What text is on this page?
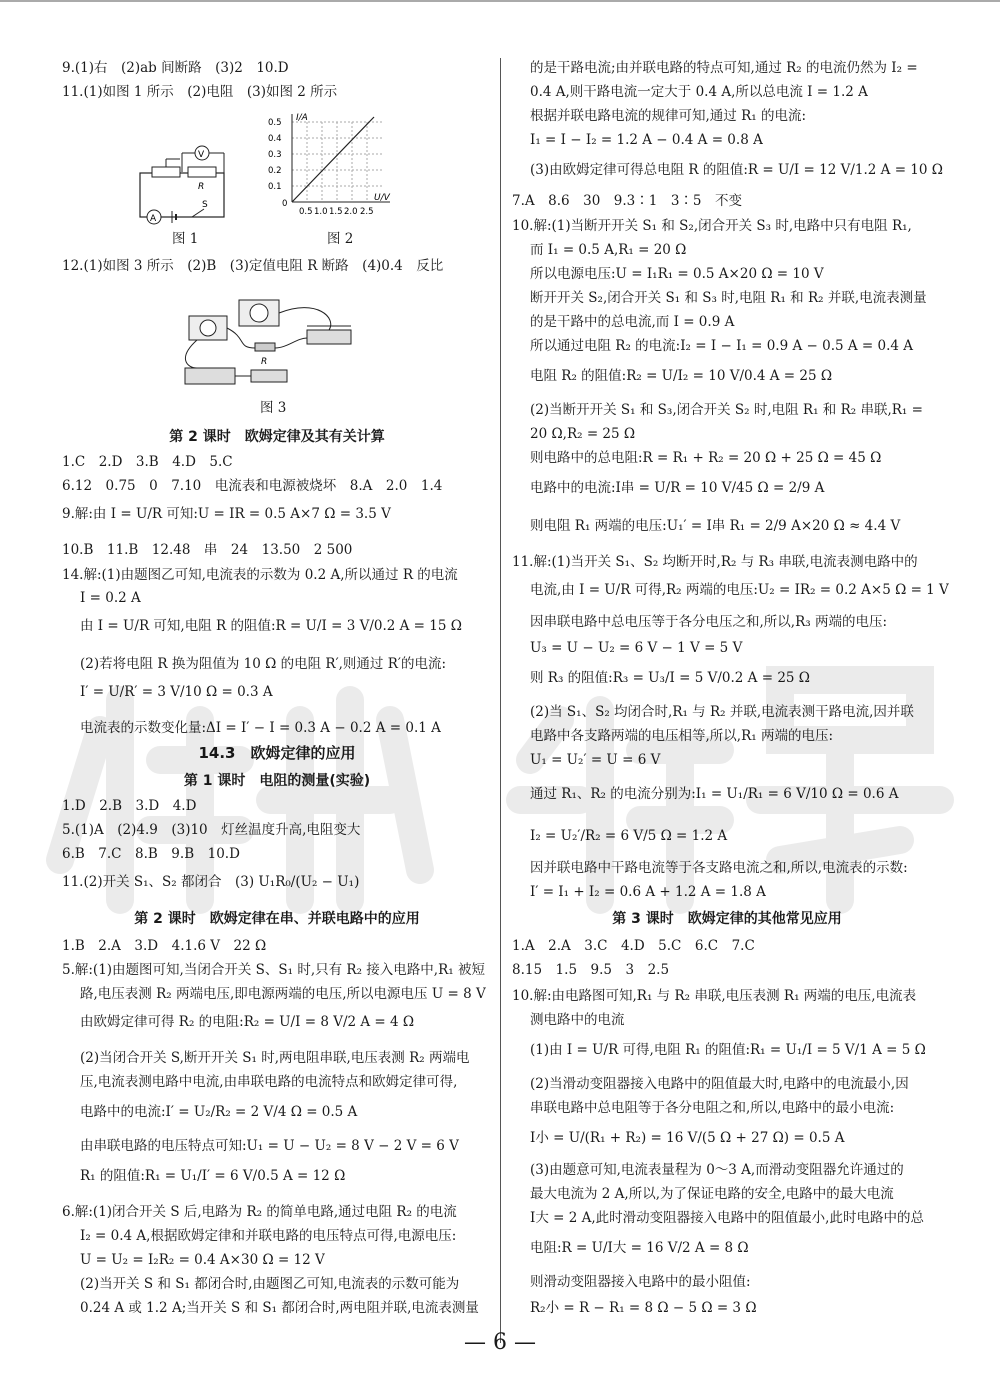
9.(1)右　(2)ab 间断路　(3)2　10.D
11.(1)如图 1 所示　(2)电阻　(3)如图 2 所示
V
R
A
S
图 1
I/A
U/V
0.5
0.4
0.3
0.2
0.1
0
0.5 1.0 1.5 2.0 2.5
图 2
12.(1)如图 3 所示　(2)B　(3)定值电阻 R 断路　(4)0.4　反比
R
图 3
第 2 课时　欧姆定律及其有关计算
1.C　2.D　3.B　4.D　5.C
6.12　0.75　0　7.10　电流表和电源被烧坏　8.A　2.0　1.4
9.解:由 I = U/R 可知:U = IR = 0.5 A×7 Ω = 3.5 V
10.B　11.B　12.48　串　24　13.50　2 500
14.解:(1)由题图乙可知,电流表的示数为 0.2 A,所以通过 R 的电流
I = 0.2 A
由 I = U/R 可知,电阻 R 的阻值:R = U/I = 3 V/0.2 A = 15 Ω
(2)若将电阻 R 换为阻值为 10 Ω 的电阻 R′,则通过 R′的电流:
I′ = U/R′ = 3 V/10 Ω = 0.3 A
电流表的示数变化量:ΔI = I′ − I = 0.3 A − 0.2 A = 0.1 A
14.3　欧姆定律的应用
第 1 课时　电阻的测量(实验)
1.D　2.B　3.D　4.D
5.(1)A　(2)4.9　(3)10　灯丝温度升高,电阻变大
6.B　7.C　8.B　9.B　10.D
11.(2)开关 S₁、S₂ 都闭合　(3) U₁R₀/(U₂ − U₁)
第 2 课时　欧姆定律在串、并联电路中的应用
1.B　2.A　3.D　4.1.6 V　22 Ω
5.解:(1)由题图可知,当闭合开关 S、S₁ 时,只有 R₂ 接入电路中,R₁ 被短
路,电压表测 R₂ 两端电压,即电源两端的电压,所以电源电压 U = 8 V
由欧姆定律可得 R₂ 的电阻:R₂ = U/I = 8 V/2 A = 4 Ω
(2)当闭合开关 S,断开开关 S₁ 时,两电阻串联,电压表测 R₂ 两端电
压,电流表测电路中电流,由串联电路的电流特点和欧姆定律可得,
电路中的电流:I′ = U₂/R₂ = 2 V/4 Ω = 0.5 A
由串联电路的电压特点可知:U₁ = U − U₂ = 8 V − 2 V = 6 V
R₁ 的阻值:R₁ = U₁/I′ = 6 V/0.5 A = 12 Ω
6.解:(1)闭合开关 S 后,电路为 R₂ 的简单电路,通过电阻 R₂ 的电流
I₂ = 0.4 A,根据欧姆定律和并联电路的电压特点可得,电源电压:
U = U₂ = I₂R₂ = 0.4 A×30 Ω = 12 V
(2)当开关 S 和 S₁ 都闭合时,由题图乙可知,电流表的示数可能为
0.24 A 或 1.2 A;当开关 S 和 S₁ 都闭合时,两电阻并联,电流表测量
的是干路电流;由并联电路的特点可知,通过 R₂ 的电流仍然为 I₂ =
0.4 A,则干路电流一定大于 0.4 A,所以总电流 I = 1.2 A
根据并联电路电流的规律可知,通过 R₁ 的电流:
I₁ = I − I₂ = 1.2 A − 0.4 A = 0.8 A
(3)由欧姆定律可得总电阻 R 的阻值:R = U/I = 12 V/1.2 A = 10 Ω
7.A　8.6　30　9.3∶1　3∶5　不变
10.解:(1)当断开开关 S₁ 和 S₂,闭合开关 S₃ 时,电路中只有电阻 R₁,
而 I₁ = 0.5 A,R₁ = 20 Ω
所以电源电压:U = I₁R₁ = 0.5 A×20 Ω = 10 V
断开开关 S₂,闭合开关 S₁ 和 S₃ 时,电阻 R₁ 和 R₂ 并联,电流表测量
的是干路中的总电流,而 I = 0.9 A
所以通过电阻 R₂ 的电流:I₂ = I − I₁ = 0.9 A − 0.5 A = 0.4 A
电阻 R₂ 的阻值:R₂ = U/I₂ = 10 V/0.4 A = 25 Ω
(2)当断开开关 S₁ 和 S₃,闭合开关 S₂ 时,电阻 R₁ 和 R₂ 串联,R₁ =
20 Ω,R₂ = 25 Ω
则电路中的总电阻:R = R₁ + R₂ = 20 Ω + 25 Ω = 45 Ω
电路中的电流:I串 = U/R = 10 V/45 Ω = 2/9 A
则电阻 R₁ 两端的电压:U₁′ = I串 R₁ = 2/9 A×20 Ω ≈ 4.4 V
11.解:(1)当开关 S₁、S₂ 均断开时,R₂ 与 R₃ 串联,电流表测电路中的
电流,由 I = U/R 可得,R₂ 两端的电压:U₂ = IR₂ = 0.2 A×5 Ω = 1 V
因串联电路中总电压等于各分电压之和,所以,R₃ 两端的电压:
U₃ = U − U₂ = 6 V − 1 V = 5 V
则 R₃ 的阻值:R₃ = U₃/I = 5 V/0.2 A = 25 Ω
(2)当 S₁、S₂ 均闭合时,R₁ 与 R₂ 并联,电流表测干路电流,因并联
电路中各支路两端的电压相等,所以,R₁ 两端的电压:
U₁ = U₂′ = U = 6 V
通过 R₁、R₂ 的电流分别为:I₁ = U₁/R₁ = 6 V/10 Ω = 0.6 A
I₂ = U₂′/R₂ = 6 V/5 Ω = 1.2 A
因并联电路中干路电流等于各支路电流之和,所以,电流表的示数:
I′ = I₁ + I₂ = 0.6 A + 1.2 A = 1.8 A
第 3 课时　欧姆定律的其他常见应用
1.A　2.A　3.C　4.D　5.C　6.C　7.C
8.15　1.5　9.5　3　2.5
10.解:由电路图可知,R₁ 与 R₂ 串联,电压表测 R₁ 两端的电压,电流表
测电路中的电流
(1)由 I = U/R 可得,电阻 R₁ 的阻值:R₁ = U₁/I = 5 V/1 A = 5 Ω
(2)当滑动变阻器接入电路中的阻值最大时,电路中的电流最小,因
串联电路中总电阻等于各分电阻之和,所以,电路中的最小电流:
I小 = U/(R₁ + R₂) = 16 V/(5 Ω + 27 Ω) = 0.5 A
(3)由题意可知,电流表量程为 0～3 A,而滑动变阻器允许通过的
最大电流为 2 A,所以,为了保证电路的安全,电路中的最大电流
I大 = 2 A,此时滑动变阻器接入电路中的阻值最小,此时电路中的总
电阻:R = U/I大 = 16 V/2 A = 8 Ω
则滑动变阻器接入电路中的最小阻值:
R₂小 = R − R₁ = 8 Ω − 5 Ω = 3 Ω
— 6 —
